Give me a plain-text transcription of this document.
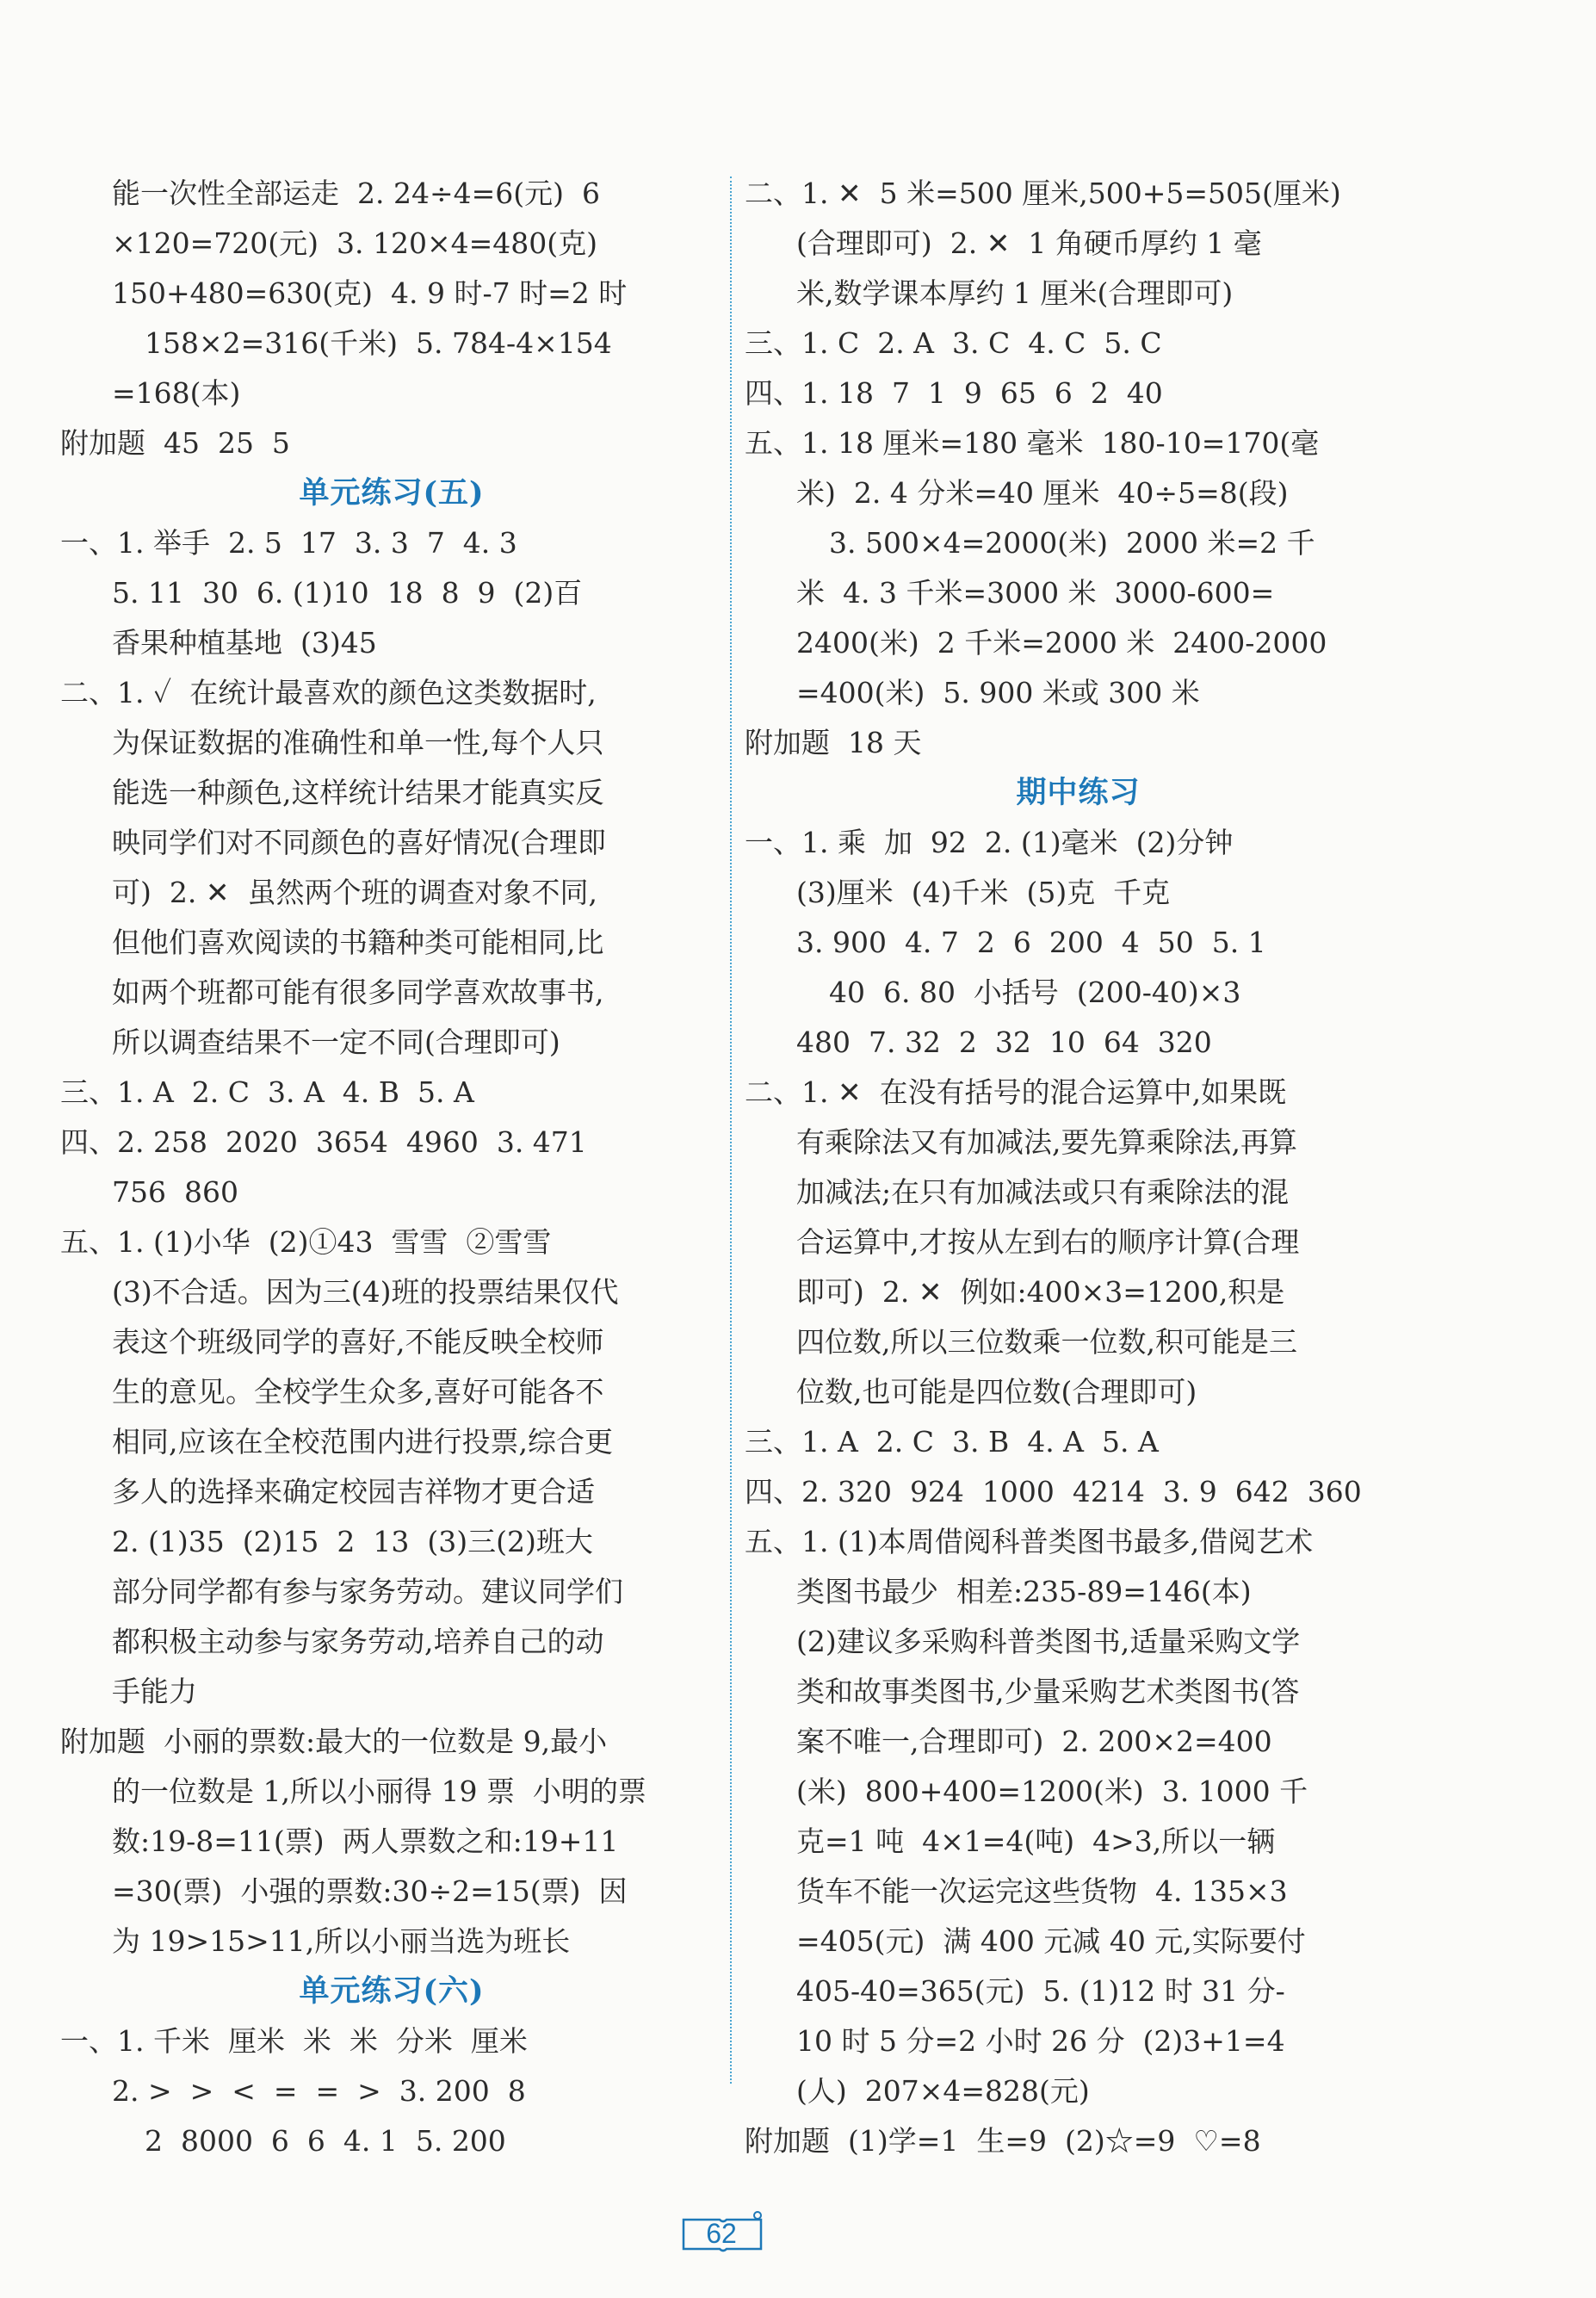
能一次性全部运走  2. 24÷4=6(元)  6
×120=720(元)  3. 120×4=480(克)
150+480=630(克)  4. 9 时-7 时=2 时
158×2=316(千米)  5. 784-4×154
=168(本)
附加题  45  25  5
单元练习(五)
一、1. 举手  2. 5  17  3. 3  7  4. 3
5. 11  30  6. (1)10  18  8  9  (2)百
香果种植基地  (3)45
二、1. ✓  在统计最喜欢的颜色这类数据时,
为保证数据的准确性和单一性,每个人只
能选一种颜色,这样统计结果才能真实反
映同学们对不同颜色的喜好情况(合理即
可)  2. ✕  虽然两个班的调查对象不同,
但他们喜欢阅读的书籍种类可能相同,比
如两个班都可能有很多同学喜欢故事书,
所以调查结果不一定不同(合理即可)
三、1. A  2. C  3. A  4. B  5. A
四、2. 258  2020  3654  4960  3. 471
756  860
五、1. (1)小华  (2)①43  雪雪  ②雪雪
(3)不合适。因为三(4)班的投票结果仅代
表这个班级同学的喜好,不能反映全校师
生的意见。全校学生众多,喜好可能各不
相同,应该在全校范围内进行投票,综合更
多人的选择来确定校园吉祥物才更合适
2. (1)35  (2)15  2  13  (3)三(2)班大
部分同学都有参与家务劳动。建议同学们
都积极主动参与家务劳动,培养自己的动
手能力
附加题  小丽的票数:最大的一位数是 9,最小
的一位数是 1,所以小丽得 19 票  小明的票
数:19-8=11(票)  两人票数之和:19+11
=30(票)  小强的票数:30÷2=15(票)  因
为 19>15>11,所以小丽当选为班长
单元练习(六)
一、1. 千米  厘米  米  米  分米  厘米
2. >  >  <  =  =  >  3. 200  8
2  8000  6  6  4. 1  5. 200
二、1. ✕  5 米=500 厘米,500+5=505(厘米)
(合理即可)  2. ✕  1 角硬币厚约 1 毫
米,数学课本厚约 1 厘米(合理即可)
三、1. C  2. A  3. C  4. C  5. C
四、1. 18  7  1  9  65  6  2  40
五、1. 18 厘米=180 毫米  180-10=170(毫
米)  2. 4 分米=40 厘米  40÷5=8(段)
3. 500×4=2000(米)  2000 米=2 千
米  4. 3 千米=3000 米  3000-600=
2400(米)  2 千米=2000 米  2400-2000
=400(米)  5. 900 米或 300 米
附加题  18 天
期中练习
一、1. 乘  加  92  2. (1)毫米  (2)分钟
(3)厘米  (4)千米  (5)克  千克
3. 900  4. 7  2  6  200  4  50  5. 1
40  6. 80  小括号  (200-40)×3
480  7. 32  2  32  10  64  320
二、1. ✕  在没有括号的混合运算中,如果既
有乘除法又有加减法,要先算乘除法,再算
加减法;在只有加减法或只有乘除法的混
合运算中,才按从左到右的顺序计算(合理
即可)  2. ✕  例如:400×3=1200,积是
四位数,所以三位数乘一位数,积可能是三
位数,也可能是四位数(合理即可)
三、1. A  2. C  3. B  4. A  5. A
四、2. 320  924  1000  4214  3. 9  642  360
五、1. (1)本周借阅科普类图书最多,借阅艺术
类图书最少  相差:235-89=146(本)
(2)建议多采购科普类图书,适量采购文学
类和故事类图书,少量采购艺术类图书(答
案不唯一,合理即可)  2. 200×2=400
(米)  800+400=1200(米)  3. 1000 千
克=1 吨  4×1=4(吨)  4>3,所以一辆
货车不能一次运完这些货物  4. 135×3
=405(元)  满 400 元减 40 元,实际要付
405-40=365(元)  5. (1)12 时 31 分-
10 时 5 分=2 小时 26 分  (2)3+1=4
(人)  207×4=828(元)
附加题  (1)学=1  生=9  (2)☆=9  ♡=8
62
